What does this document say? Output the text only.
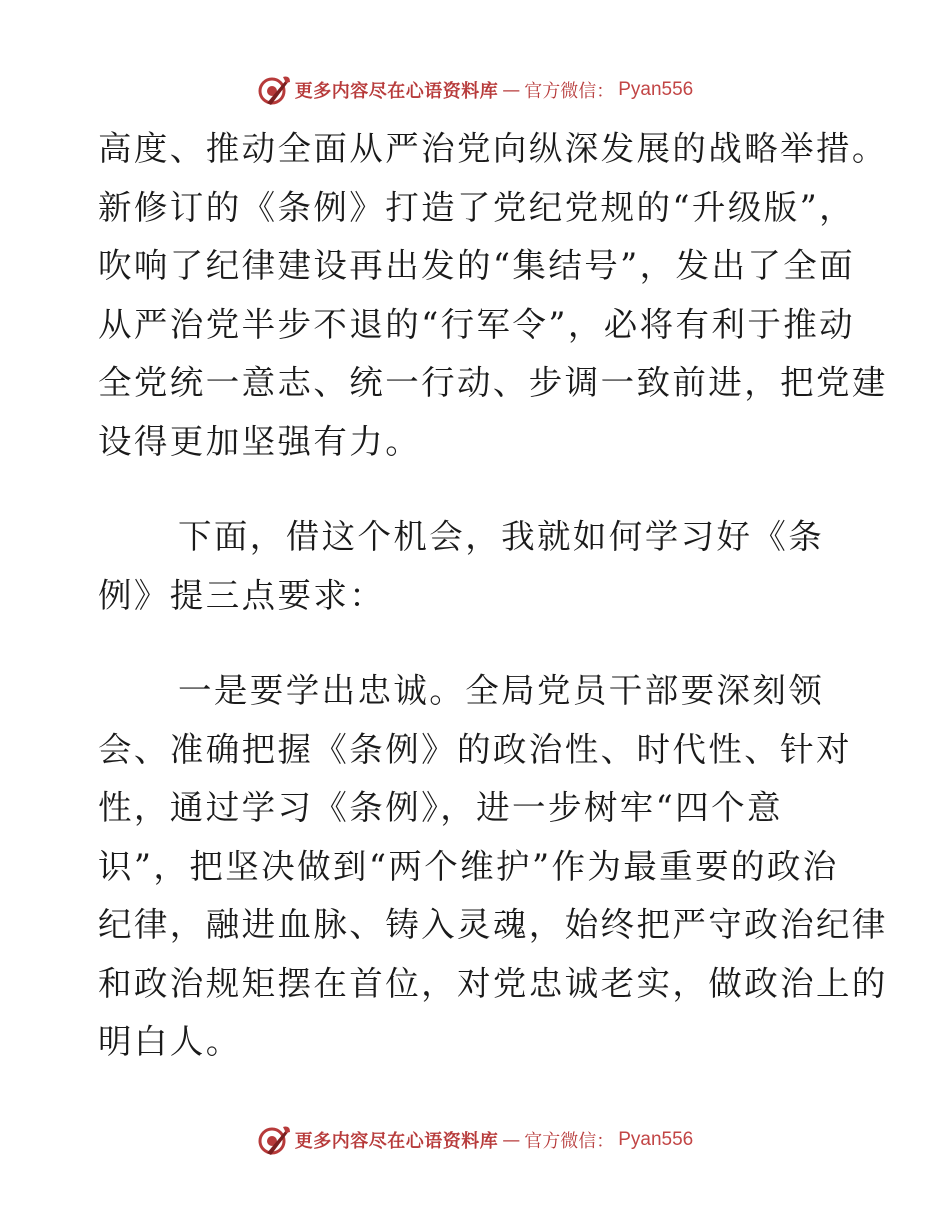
更多内容尽在心语资料库 — 官方微信： Pyan556
高度、推动全面从严治党向纵深发展的战略举措。
新修订的《条例》打造了党纪党规的“升级版”，
吹响了纪律建设再出发的“集结号”，发出了全面
从严治党半步不退的“行军令”，必将有利于推动
全党统一意志、统一行动、步调一致前进，把党建
设得更加坚强有力。
下面，借这个机会，我就如何学习好《条
例》提三点要求：
一是要学出忠诚。全局党员干部要深刻领
会、准确把握《条例》的政治性、时代性、针对
性，通过学习《条例》，进一步树牢“四个意
识”，把坚决做到“两个维护”作为最重要的政治
纪律，融进血脉、铸入灵魂，始终把严守政治纪律
和政治规矩摆在首位，对党忠诚老实，做政治上的
明白人。
更多内容尽在心语资料库 — 官方微信： Pyan556
